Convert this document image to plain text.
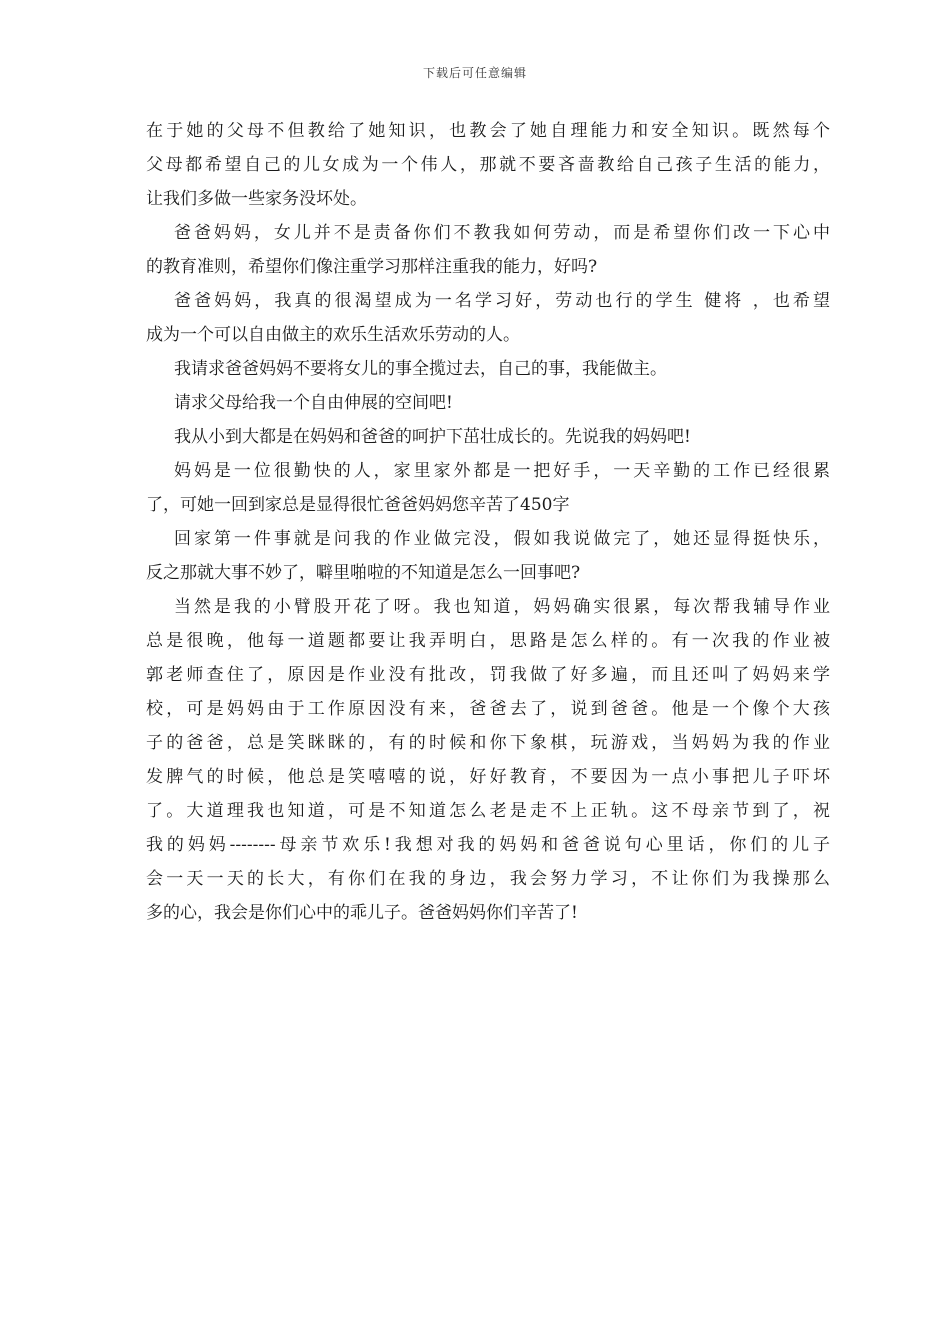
下载后可任意编辑
在于她的父母不但教给了她知识，也教会了她自理能力和安全知识。既然每个
父母都希望自己的儿女成为一个伟人，那就不要吝啬教给自己孩子生活的能力，
让我们多做一些家务没坏处。
爸爸妈妈，女儿并不是责备你们不教我如何劳动，而是希望你们改一下心中
的教育准则，希望你们像注重学习那样注重我的能力，好吗?
爸爸妈妈，我真的很渴望成为一名学习好，劳动也行的学生 健将 ，也希望
成为一个可以自由做主的欢乐生活欢乐劳动的人。
我请求爸爸妈妈不要将女儿的事全揽过去，自己的事，我能做主。
请求父母给我一个自由伸展的空间吧!
我从小到大都是在妈妈和爸爸的呵护下茁壮成长的。先说我的妈妈吧!
妈妈是一位很勤快的人，家里家外都是一把好手，一天辛勤的工作已经很累
了，可她一回到家总是显得很忙爸爸妈妈您辛苦了450字
回家第一件事就是问我的作业做完没，假如我说做完了，她还显得挺快乐，
反之那就大事不妙了，噼里啪啦的不知道是怎么一回事吧?
当然是我的小臂股开花了呀。我也知道，妈妈确实很累，每次帮我辅导作业
总是很晚，他每一道题都要让我弄明白，思路是怎么样的。有一次我的作业被
郭老师查住了，原因是作业没有批改，罚我做了好多遍，而且还叫了妈妈来学
校，可是妈妈由于工作原因没有来，爸爸去了，说到爸爸。他是一个像个大孩
子的爸爸，总是笑眯眯的，有的时候和你下象棋，玩游戏，当妈妈为我的作业
发脾气的时候，他总是笑嘻嘻的说，好好教育，不要因为一点小事把儿子吓坏
了。大道理我也知道，可是不知道怎么老是走不上正轨。这不母亲节到了，祝
我的妈妈--------母亲节欢乐!我想对我的妈妈和爸爸说句心里话，你们的儿子
会一天一天的长大，有你们在我的身边，我会努力学习，不让你们为我操那么
多的心，我会是你们心中的乖儿子。爸爸妈妈你们辛苦了!
